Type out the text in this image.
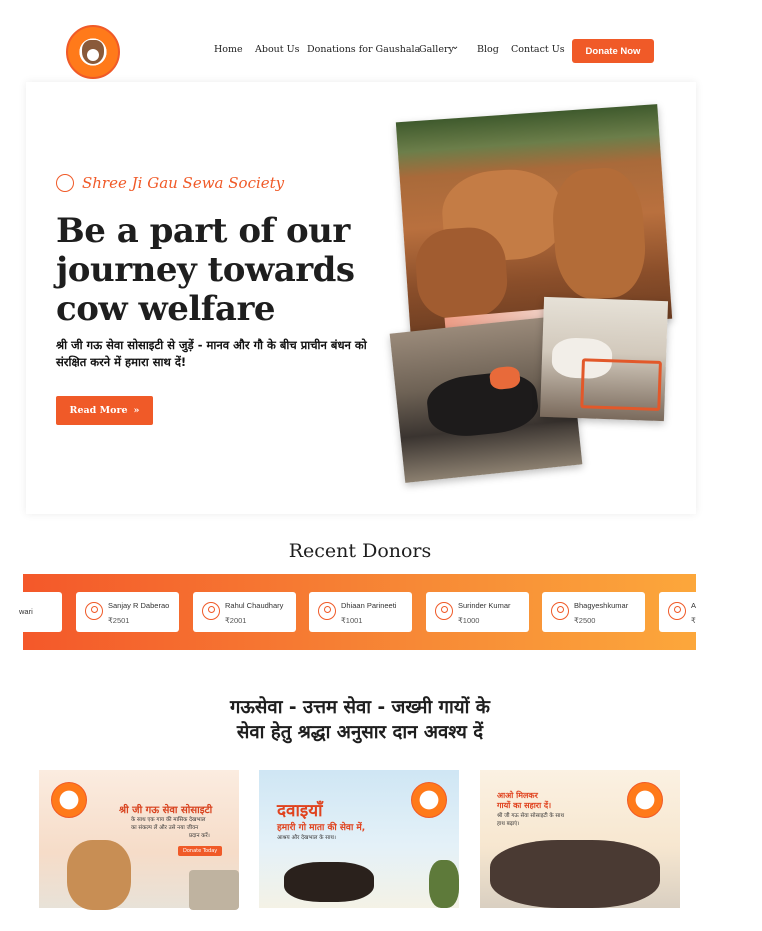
Home About Us Donations for Gaushala
Gallery
⌄ Blog Contact Us	Donate Now
Shree Ji Gau Sewa Society
Be a part of our journey towards cow welfare
श्री जी गऊ सेवा सोसाइटी से जुड़ें - मानव और गौ के बीच प्राचीन बंधन को संरक्षित करने में हमारा साथ दें!
Read More »
Recent Donors
wari
Sanjay R Daberao
₹2501
Rahul Chaudhary
₹2001
Dhiaan Parineeti
₹1001
Surinder Kumar
₹1000
Bhagyeshkumar
₹2500
A
₹
गऊसेवा - उत्तम सेवा - जख्मी गायों के
सेवा हेतु श्रद्धा अनुसार दान अवश्य दें
श्री जी गऊ सेवा सोसाइटी
के साथ एक गाय की मासिक देखभाल
का संकल्प लें और उसे नया जीवन
प्रदान करें।
Donate Today
दवाइयाँ
हमारी गो माता की सेवा में,
आश्रय और देखभाल के साथ।
आओ मिलकर
गायों का सहारा दें।
श्री जी गऊ सेवा सोसाइटी के साथ
हाथ बढ़ाएं।
